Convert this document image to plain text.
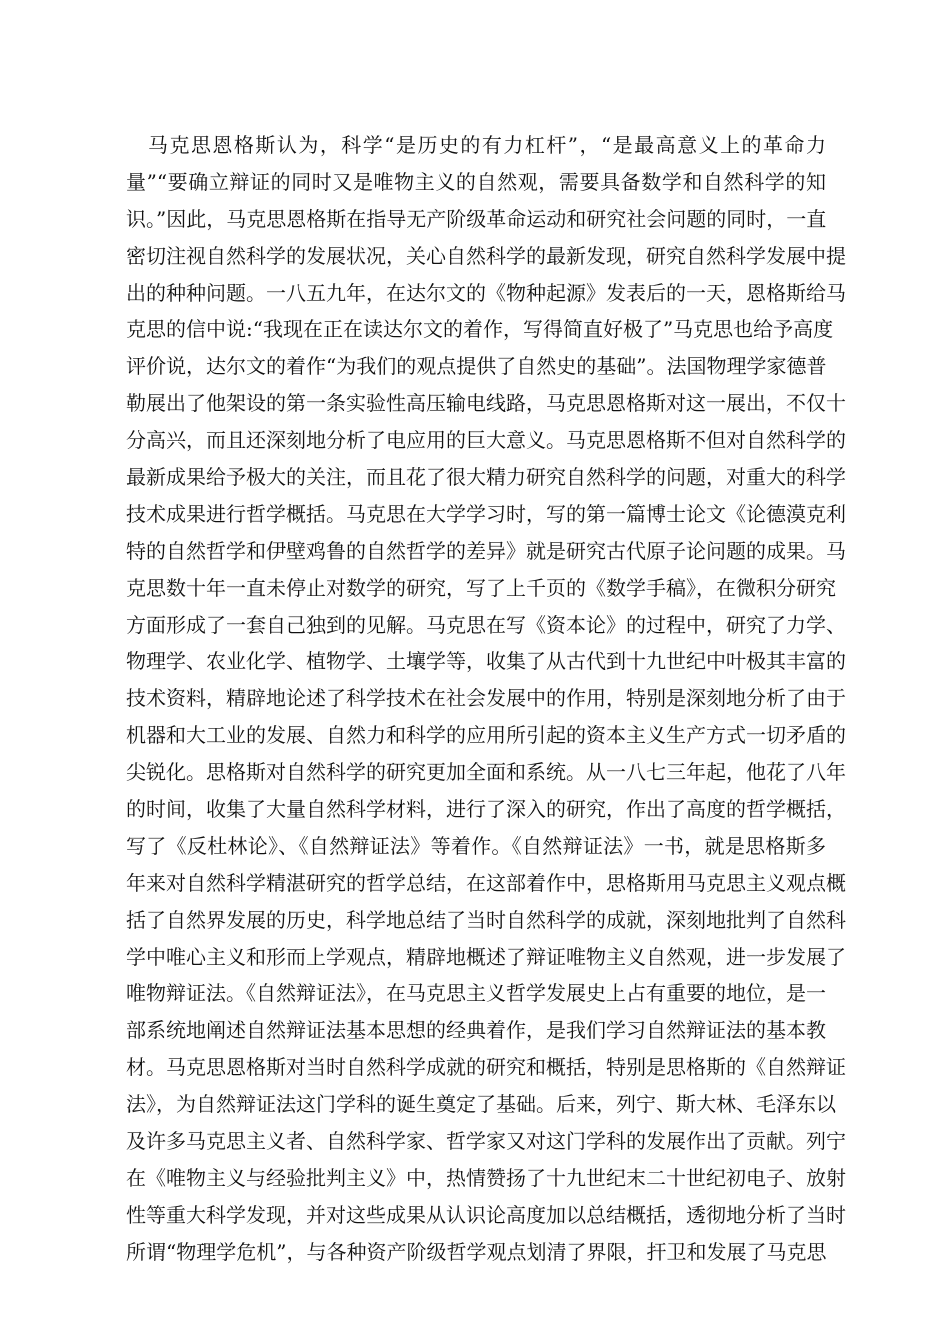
马克思恩格斯认为，科学“是历史的有力杠杆”，“是最高意义上的革命力
量”“要确立辩证的同时又是唯物主义的自然观，需要具备数学和自然科学的知
识。”因此，马克思恩格斯在指导无产阶级革命运动和研究社会问题的同时，一直
密切注视自然科学的发展状况，关心自然科学的最新发现，研究自然科学发展中提
出的种种问题。一八五九年，在达尔文的《物种起源》发表后的一天，恩格斯给马
克思的信中说:“我现在正在读达尔文的着作，写得简直好极了”马克思也给予高度
评价说，达尔文的着作“为我们的观点提供了自然史的基础”。法国物理学家德普
勒展出了他架设的第一条实验性高压输电线路，马克思恩格斯对这一展出，不仅十
分高兴，而且还深刻地分析了电应用的巨大意义。马克思恩格斯不但对自然科学的
最新成果给予极大的关注，而且花了很大精力研究自然科学的问题，对重大的科学
技术成果进行哲学概括。马克思在大学学习时，写的第一篇博士论文《论德漠克利
特的自然哲学和伊壁鸡鲁的自然哲学的差异》就是研究古代原子论问题的成果。马
克思数十年一直未停止对数学的研究，写了上千页的《数学手稿》，在微积分研究
方面形成了一套自己独到的见解。马克思在写《资本论》的过程中，研究了力学、
物理学、农业化学、植物学、土壤学等，收集了从古代到十九世纪中叶极其丰富的
技术资料，精辟地论述了科学技术在社会发展中的作用，特别是深刻地分析了由于
机器和大工业的发展、自然力和科学的应用所引起的资本主义生产方式一切矛盾的
尖锐化。思格斯对自然科学的研究更加全面和系统。从一八七三年起，他花了八年
的时间，收集了大量自然科学材料，进行了深入的研究，作出了高度的哲学概括，
写了《反杜林论》、《自然辩证法》等着作。《自然辩证法》一书，就是思格斯多
年来对自然科学精湛研究的哲学总结，在这部着作中，思格斯用马克思主义观点概
括了自然界发展的历史，科学地总结了当时自然科学的成就，深刻地批判了自然科
学中唯心主义和形而上学观点，精辟地概述了辩证唯物主义自然观，进一步发展了
唯物辩证法。《自然辩证法》，在马克思主义哲学发展史上占有重要的地位，是一
部系统地阐述自然辩证法基本思想的经典着作，是我们学习自然辩证法的基本教
材。马克思恩格斯对当时自然科学成就的研究和概括，特别是思格斯的《自然辩证
法》，为自然辩证法这门学科的诞生奠定了基础。后来，列宁、斯大林、毛泽东以
及许多马克思主义者、自然科学家、哲学家又对这门学科的发展作出了贡献。列宁
在《唯物主义与经验批判主义》中，热情赞扬了十九世纪末二十世纪初电子、放射
性等重大科学发现，并对这些成果从认识论高度加以总结概括，透彻地分析了当时
所谓“物理学危机”，与各种资产阶级哲学观点划清了界限，扞卫和发展了马克思
